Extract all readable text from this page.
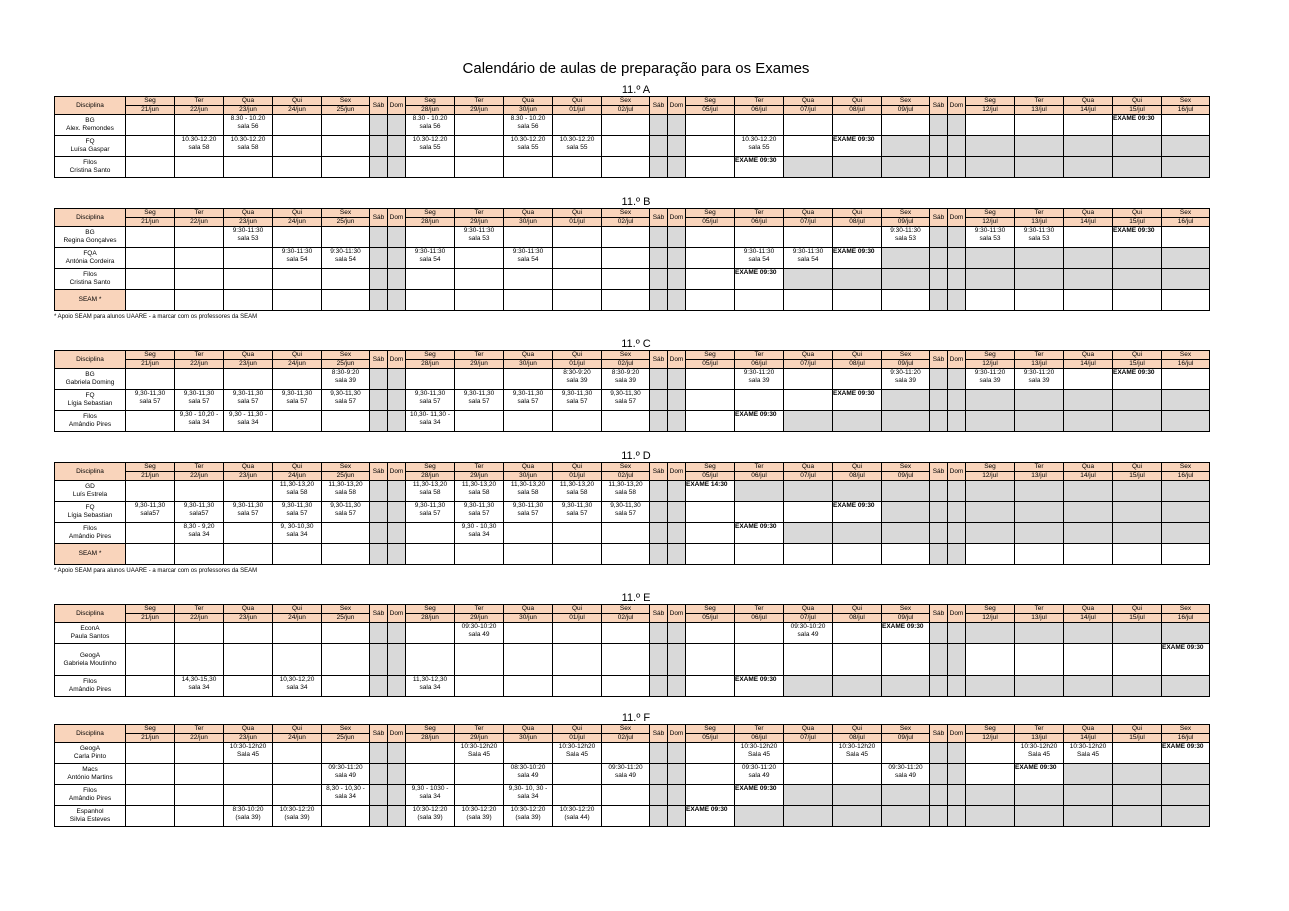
Calendário de aulas de preparação para os Exames
11.º A
Disciplina	Seg	Ter	Qua	Qui	Sex	Sáb	Dom	Seg	Ter	Qua	Qui	Sex	Sáb	Dom	Seg	Ter	Qua	Qui	Sex	Sáb	Dom	Seg	Ter	Qua	Qui	Sex
	21/jun	22/jun	23/jun	24/jun	25/jun			28/jun	29/jun	30/jun	01/jul	02/jul			05/jul	06/jul	07/jul	08/jul	09/jul			12/jul	13/jul	14/jul	15/jul	16/jul

BG
Alex. Remondes			8.30 - 10.20
sala 56					8.30 - 10.20
sala 56		8.30 - 10.20
sala 56															EXAME 09:30	

FQ
Luísa Gaspar		10.30-12.20
sala 58	10.30-12.20
sala 58					10.30-12.20
sala 55		10.30-12.20
sala 55	10.30-12.20
sala 55					10.30-12.20
sala 55		EXAME 09:30								

Filos
Cristina Santo																EXAME 09:30										

11.º B
Disciplina	Seg	Ter	Qua	Qui	Sex	Sáb	Dom	Seg	Ter	Qua	Qui	Sex	Sáb	Dom	Seg	Ter	Qua	Qui	Sex	Sáb	Dom	Seg	Ter	Qua	Qui	Sex
	21/jun	22/jun	23/jun	24/jun	25/jun			28/jun	29/jun	30/jun	01/jul	02/jul			05/jul	06/jul	07/jul	08/jul	09/jul			12/jul	13/jul	14/jul	15/jul	16/jul

BG
Regina Gonçalves			9:30-11:30
sala 53						9:30-11:30
sala 53										9:30-11:30
sala 53			9:30-11:30
sala 53	9:30-11:30
sala 53		EXAME 09:30	

FQA
Antónia Cordeira				9:30-11:30
sala 54	9:30-11:30
sala 54			9:30-11:30
sala 54		9:30-11:30
sala 54						9:30-11:30
sala 54	9:30-11:30
sala 54	EXAME 09:30								

Filos
Cristina Santo																EXAME 09:30										

SEAM *																										

* Apoio SEAM para alunos UAARE - a marcar com os professores da SEAM
11.º C
Disciplina	Seg	Ter	Qua	Qui	Sex	Sáb	Dom	Seg	Ter	Qua	Qui	Sex	Sáb	Dom	Seg	Ter	Qua	Qui	Sex	Sáb	Dom	Seg	Ter	Qua	Qui	Sex
	21/jun	22/jun	23/jun	24/jun	25/jun			28/jun	29/jun	30/jun	01/jul	02/jul			05/jul	06/jul	07/jul	08/jul	09/jul			12/jul	13/jul	14/jul	15/jul	16/jul

BG
Gabriela Doming					8:30-9:20
sala 39						8:30-9:20
sala 39	8:30-9:20
sala 39				9:30-11:20
sala 39			9:30-11:20
sala 39			9:30-11:20
sala 39	9:30-11:20
sala 39		EXAME 09:30	

FQ
Lígia Sebastian	9,30-11,30
sala 57	9,30-11,30
sala 57	9,30-11,30
sala 57	9,30-11,30
sala 57	9,30-11,30
sala 57			9,30-11,30
sala 57	9,30-11,30
sala 57	9,30-11,30
sala 57	9,30-11,30
sala 57	9,30-11,30
sala 57						EXAME 09:30								

Filos
Amândio Pires		9,30 - 10,20 -
sala 34	9,30 - 11,30 -
sala 34					10,30- 11,30 -
sala 34								EXAME 09:30										

11.º D
Disciplina	Seg	Ter	Qua	Qui	Sex	Sáb	Dom	Seg	Ter	Qua	Qui	Sex	Sáb	Dom	Seg	Ter	Qua	Qui	Sex	Sáb	Dom	Seg	Ter	Qua	Qui	Sex
	21/jun	22/jun	23/jun	24/jun	25/jun			28/jun	29/jun	30/jun	01/jul	02/jul			05/jul	06/jul	07/jul	08/jul	09/jul			12/jul	13/jul	14/jul	15/jul	16/jul

GD
Luís Estrela				11,30-13,20
sala 58	11,30-13,20
sala 58			11,30-13,20
sala 58	11,30-13,20
sala 58	11,30-13,20
sala 58	11,30-13,20
sala 58	11,30-13,20
sala 58			EXAME 14:30											

FQ
Lígia Sebastian	9,30-11,30
sala57	9,30-11,30
sala57	9,30-11,30
sala 57	9,30-11,30
sala 57	9,30-11,30
sala 57			9,30-11,30
sala 57	9,30-11,30
sala 57	9,30-11,30
sala 57	9,30-11,30
sala 57	9,30-11,30
sala 57						EXAME 09:30								

Filos
Amândio Pires		8,30 - 9,20
sala 34		9, 30-10,30
sala 34					9,30 - 10,30
sala 34							EXAME 09:30										

SEAM *																										

* Apoio SEAM para alunos UAARE - a marcar com os professores da SEAM
11.º E
Disciplina	Seg	Ter	Qua	Qui	Sex	Sáb	Dom	Seg	Ter	Qua	Qui	Sex	Sáb	Dom	Seg	Ter	Qua	Qui	Sex	Sáb	Dom	Seg	Ter	Qua	Qui	Sex
	21/jun	22/jun	23/jun	24/jun	25/jun			28/jun	29/jun	30/jun	01/jul	02/jul			05/jul	06/jul	07/jul	08/jul	09/jul			12/jul	13/jul	14/jul	15/jul	16/jul

EconA
Paula Santos									09:30-10:20
sala 49								09:30-10:20
sala 49		EXAME 09:30							

GeogA
Gabriela Moutinho																										EXAME 09:30

Filos
Amândio Pires		14,30-15,30
sala 34		10,30-12,20
sala 34				11,30-12,30
sala 34								EXAME 09:30										

11.º F
Disciplina	Seg	Ter	Qua	Qui	Sex	Sáb	Dom	Seg	Ter	Qua	Qui	Sex	Sáb	Dom	Seg	Ter	Qua	Qui	Sex	Sáb	Dom	Seg	Ter	Qua	Qui	Sex
	21/jun	22/jun	23/jun	24/jun	25/jun			28/jun	29/jun	30/jun	01/jul	02/jul			05/jul	06/jul	07/jul	08/jul	09/jul			12/jul	13/jul	14/jul	15/jul	16/jul

GeogA
Carla Pinto			10:30-12h20
Sala 45						10:30-12h20
Sala 45		10:30-12h20
Sala 45					10:30-12h20
Sala 45		10:30-12h20
Sala 45					10:30-12h20
Sala 45	10:30-12h20
Sala 45		EXAME 09:30

Macs
António Martins					09:30-11:20
sala 49					08:30-10:20
sala 49		09:30-11:20
sala 49				09:30-11:20
sala 49			09:30-11:20
sala 49				EXAME 09:30			

Filos
Amândio Pires					8,30 - 10,30 -
sala 34			9,30 - 1030 -
sala 34		9,30- 10, 30 -
sala 34						EXAME 09:30										

Espanhol
Silvia Esteves			8:30-10:20
(sala 39)	10:30-12:20
(sala 39)				10:30-12:20
(sala 39)	10:30-12:20
(sala 39)	10:30-12:20
(sala 39)	10:30-12:20
(sala 44)				EXAME 09:30											
